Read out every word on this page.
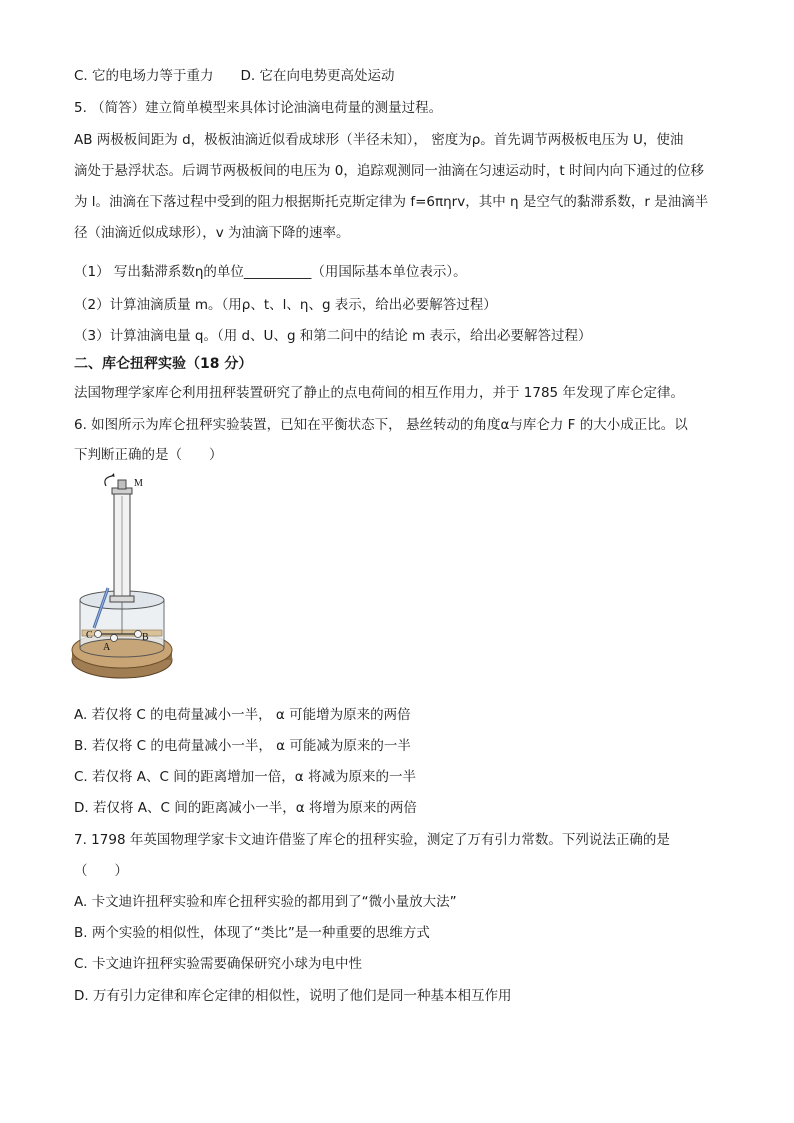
C. 它的电场力等于重力　　D. 它在向电势更高处运动
5. （简答）建立简单模型来具体讨论油滴电荷量的测量过程。
AB 两极板间距为 d，极板油滴近似看成球形（半径未知）， 密度为ρ。首先调节两极板电压为 U，使油
滴处于悬浮状态。后调节两极板间的电压为 0，追踪观测同一油滴在匀速运动时，t 时间内向下通过的位移
为 l。油滴在下落过程中受到的阻力根据斯托克斯定律为 f=6πηrv，其中 η 是空气的黏滞系数，r 是油滴半
径（油滴近似成球形），v 为油滴下降的速率。
（1） 写出黏滞系数η的单位__________（用国际基本单位表示）。
（2）计算油滴质量 m。（用ρ、t、l、η、g 表示，给出必要解答过程）
（3）计算油滴电量 q。（用 d、U、g 和第二问中的结论 m 表示，给出必要解答过程）
二、库仑扭秤实验（18 分）
法国物理学家库仑利用扭秤装置研究了静止的点电荷间的相互作用力，并于 1785 年发现了库仑定律。
6. 如图所示为库仑扭秤实验装置，已知在平衡状态下， 悬丝转动的角度α与库仑力 F 的大小成正比。以
下判断正确的是（　　）
M
C
A
B
A. 若仅将 C 的电荷量减小一半， α 可能增为原来的两倍
B. 若仅将 C 的电荷量减小一半， α 可能减为原来的一半
C. 若仅将 A、C 间的距离增加一倍，α 将减为原来的一半
D. 若仅将 A、C 间的距离减小一半，α 将增为原来的两倍
7. 1798 年英国物理学家卡文迪许借鉴了库仑的扭秤实验，测定了万有引力常数。下列说法正确的是
（　　）
A. 卡文迪许扭秤实验和库仑扭秤实验的都用到了“微小量放大法”
B. 两个实验的相似性，体现了“类比”是一种重要的思维方式
C. 卡文迪许扭秤实验需要确保研究小球为电中性
D. 万有引力定律和库仑定律的相似性，说明了他们是同一种基本相互作用
